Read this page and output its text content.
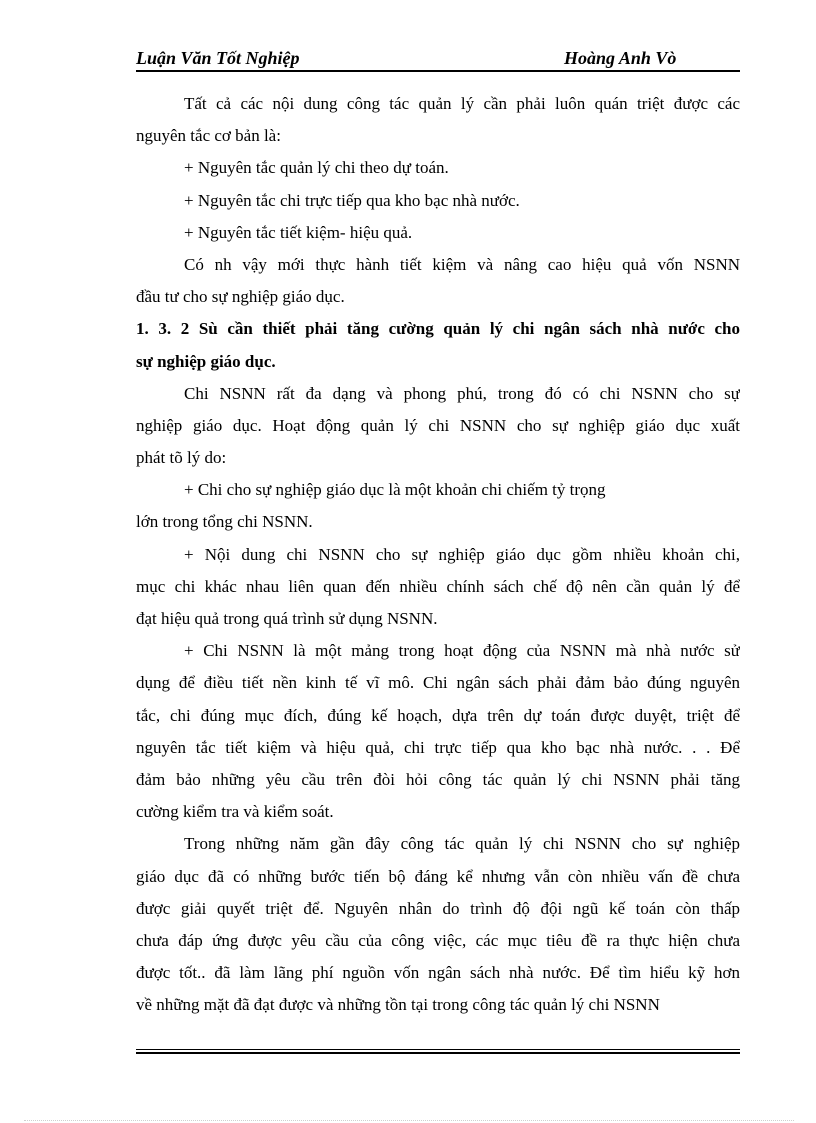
Luận Văn Tốt Nghiệp	Hoàng Anh Vò
Tất cả các nội dung công tác quản lý cần phải luôn quán triệt được các
nguyên tắc cơ bản là:
+ Nguyên tắc quản lý chi theo dự toán.
+ Nguyên tắc chi trực tiếp qua kho bạc nhà nước.
+ Nguyên tắc tiết kiệm- hiệu quả.
Có nh vậy mới thực hành tiết kiệm và nâng cao hiệu quả vốn NSNN
đầu tư cho sự nghiệp giáo dục.
1. 3. 2 Sù cần thiết phải tăng cường quản lý chi ngân sách nhà nước cho
sự nghiệp giáo dục.
Chi NSNN rất đa dạng và phong phú, trong đó có chi NSNN cho sự
nghiệp giáo dục. Hoạt động quản lý chi NSNN cho sự nghiệp giáo dục xuất
phát tõ lý do:
+ Chi cho sự nghiệp giáo dục là một khoản chi chiếm tỷ trọng
lớn trong tổng chi NSNN.
+ Nội dung chi NSNN cho sự nghiệp giáo dục gồm nhiều khoản chi,
mục chi khác nhau liên quan đến nhiều chính sách chế độ nên cần quản lý để
đạt hiệu quả trong quá trình sử dụng NSNN.
+ Chi NSNN là một mảng trong hoạt động của NSNN mà nhà nước sử
dụng để điều tiết nền kinh tế vĩ mô. Chi ngân sách phải đảm bảo đúng nguyên
tắc, chi đúng mục đích, đúng kế hoạch, dựa trên dự toán được duyệt, triệt để
nguyên tắc tiết kiệm và hiệu quả, chi trực tiếp qua kho bạc nhà nước. . . Để
đảm bảo những yêu cầu trên đòi hỏi công tác quản lý chi NSNN phải tăng
cường kiểm tra và kiểm soát.
Trong những năm gần đây công tác quản lý chi NSNN cho sự nghiệp
giáo dục đã có những bước tiến bộ đáng kể nhưng vẫn còn nhiều vấn đề chưa
được giải quyết triệt để. Nguyên nhân do trình độ đội ngũ kế toán còn thấp
chưa đáp ứng được yêu cầu của công việc, các mục tiêu đề ra thực hiện chưa
được tốt.. đã làm lãng phí nguồn vốn ngân sách nhà nước. Để tìm hiểu kỹ hơn
về những mặt đã đạt được và những tồn tại trong công tác quản lý chi NSNN
